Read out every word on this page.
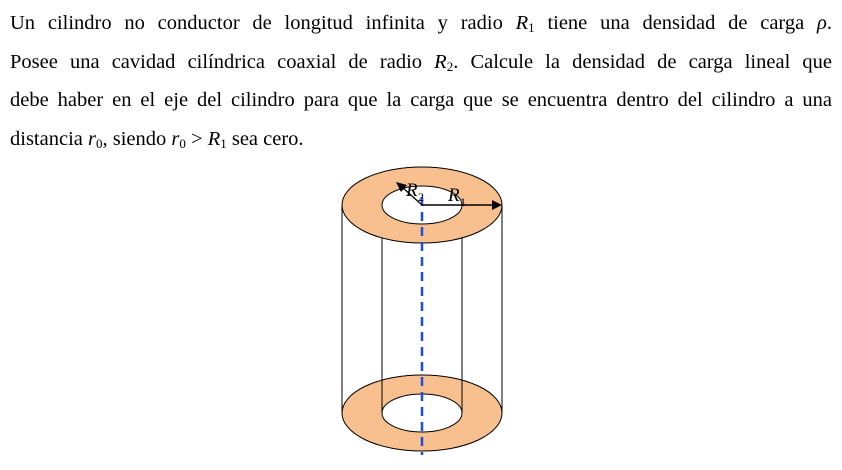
Un cilindro no conductor de longitud infinita y radio $R_1$ tiene una densidad de carga ρ.
Posee una cavidad cilíndrica coaxial de radio $R_2$. Calcule la densidad de carga lineal que
debe haber en el eje del cilindro para que la carga que se encuentra dentro del cilindro a una
distancia $r_0$, siendo $r_0 > R_1$ sea cero.
R 2 R 1
